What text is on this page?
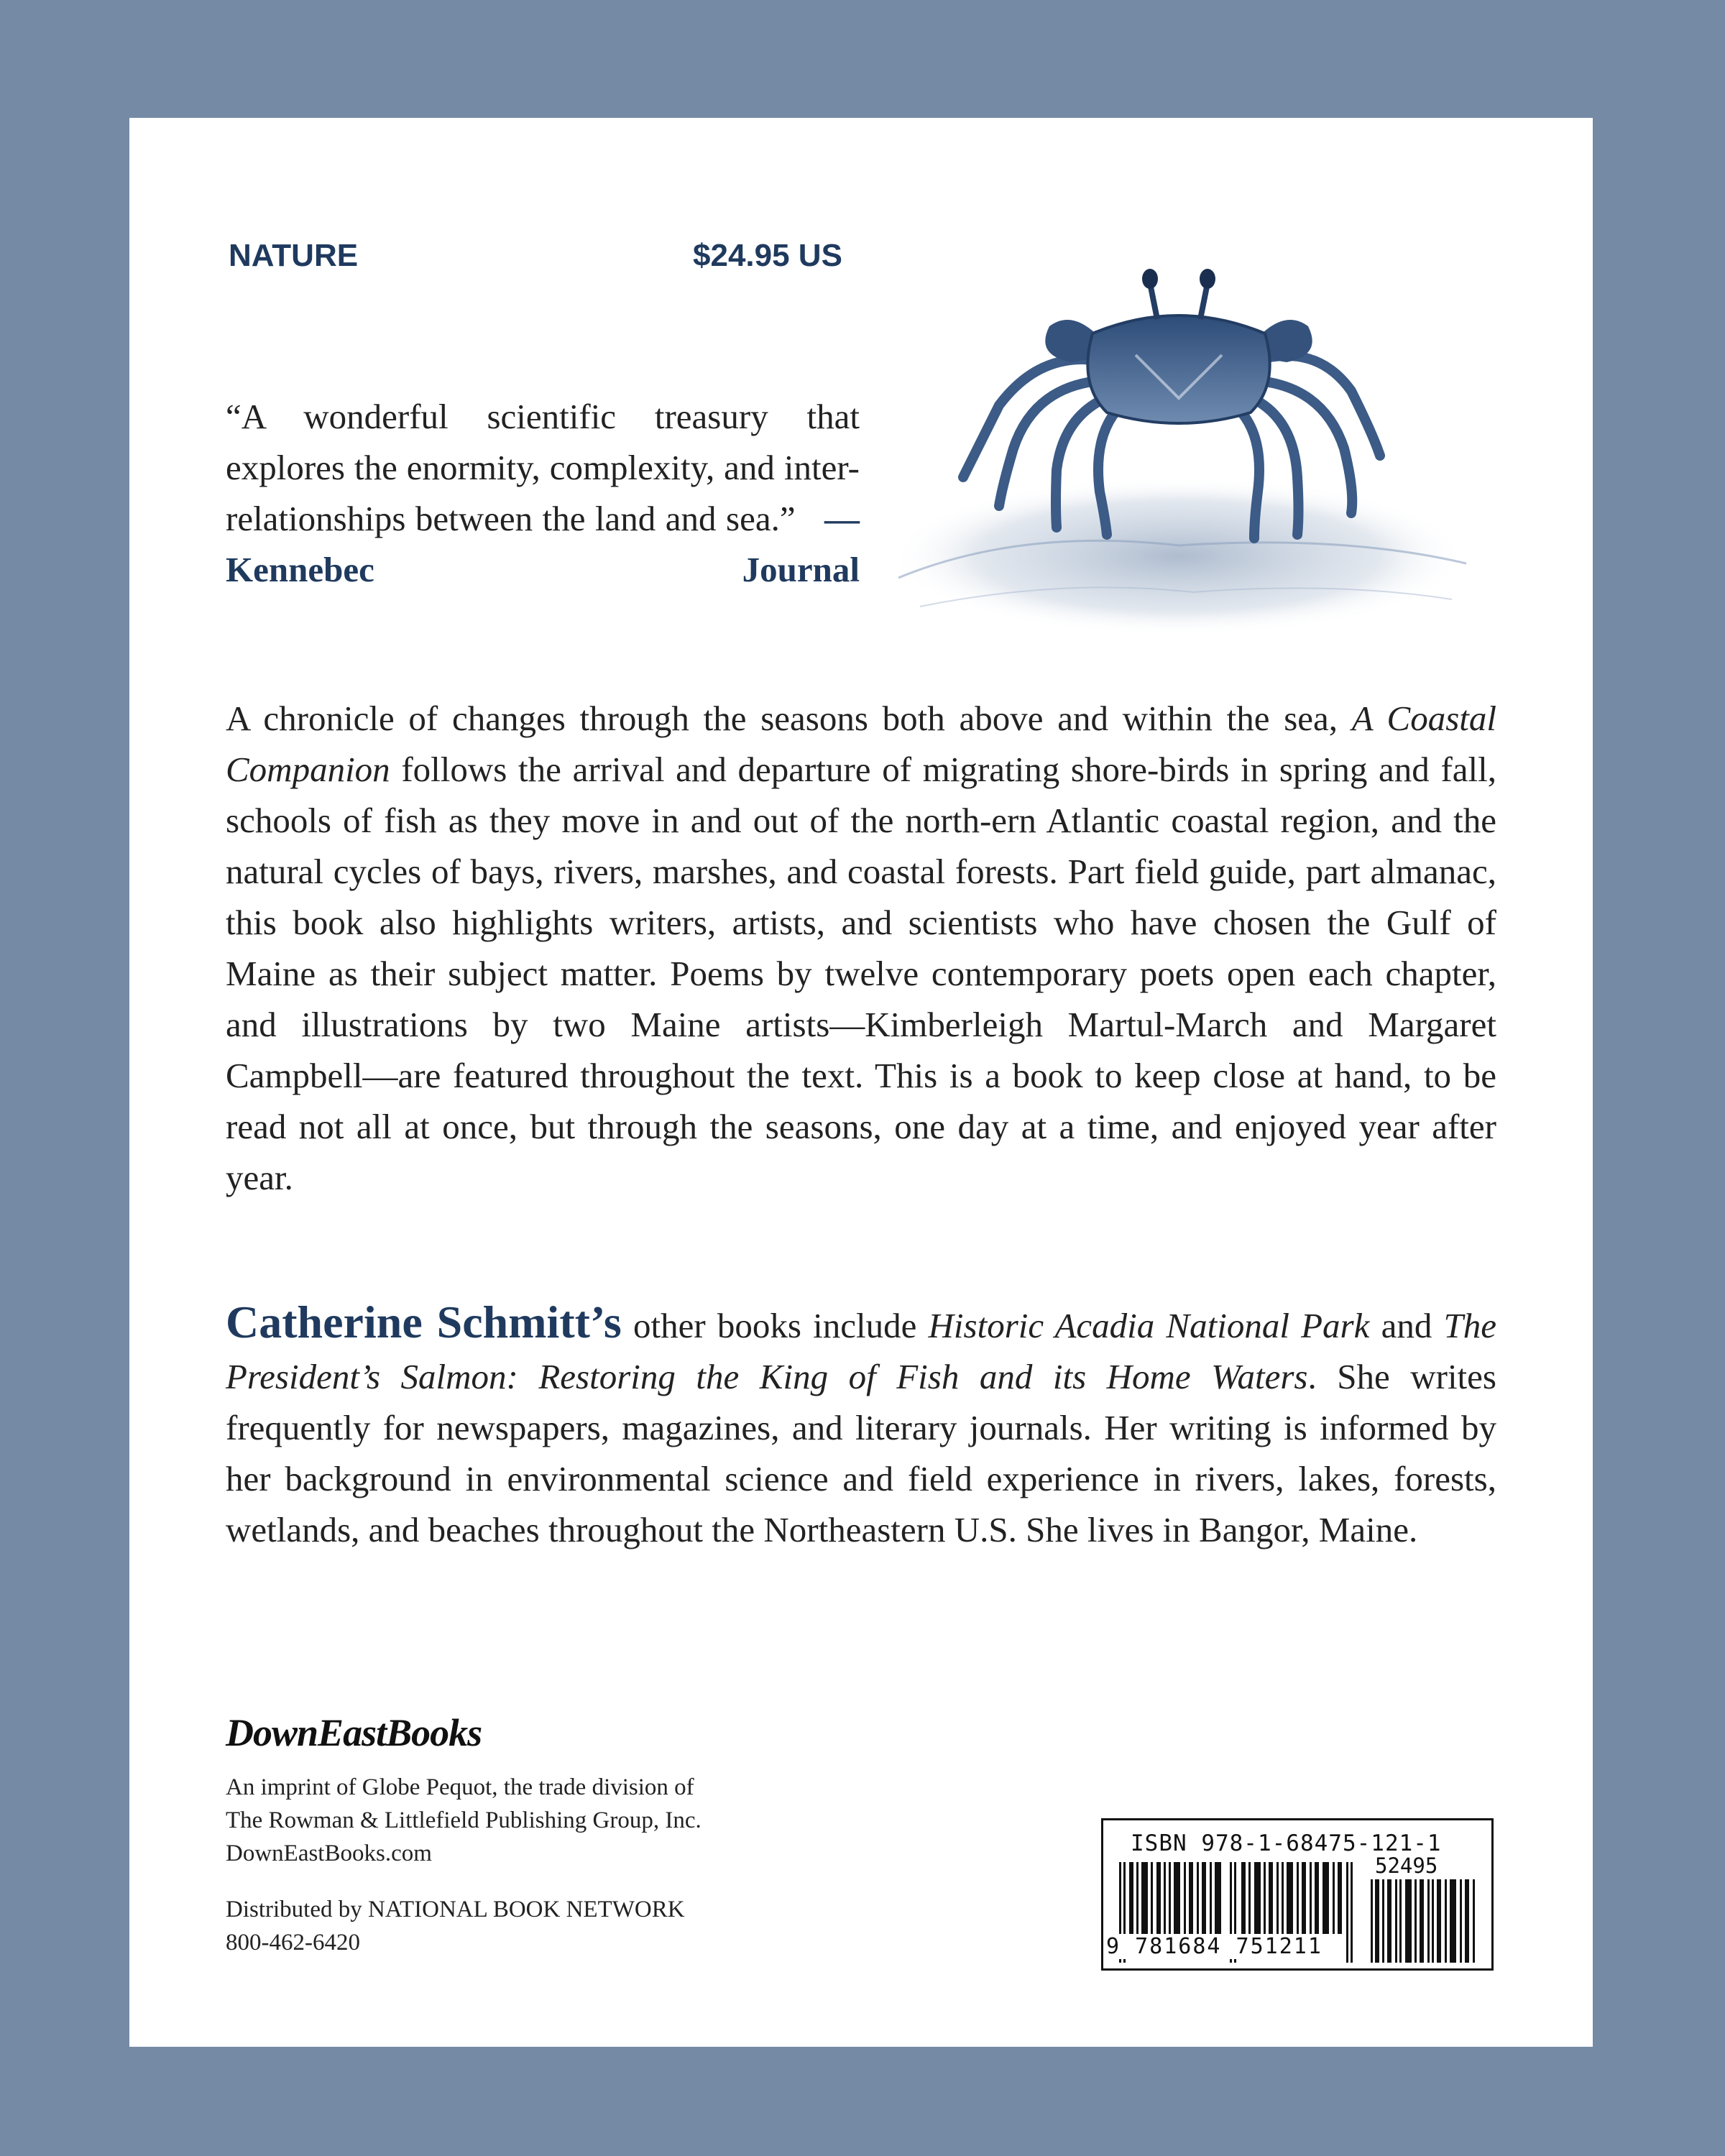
NATURE	$24.95 US
“A wonderful scientific treasury that explores the enormity, complexity, and inter-relationships between the land and sea.” —Kennebec Journal
A chronicle of changes through the seasons both above and within the sea, A Coastal Companion follows the arrival and departure of migrating shore-birds in spring and fall, schools of fish as they move in and out of the north-ern Atlantic coastal region, and the natural cycles of bays, rivers, marshes, and coastal forests. Part field guide, part almanac, this book also highlights writers, artists, and scientists who have chosen the Gulf of Maine as their subject matter. Poems by twelve contemporary poets open each chapter, and illustrations by two Maine artists—Kimberleigh Martul-March and Margaret Campbell—are featured throughout the text. This is a book to keep close at hand, to be read not all at once, but through the seasons, one day at a time, and enjoyed year after year.
Catherine Schmitt’s other books include Historic Acadia National Park and The President’s Salmon: Restoring the King of Fish and its Home Waters. She writes frequently for newspapers, magazines, and literary journals. Her writing is informed by her background in environmental science and field experience in rivers, lakes, forests, wetlands, and beaches throughout the Northeastern U.S. She lives in Bangor, Maine.
DownEastBooks
An imprint of Globe Pequot, the trade division of
The Rowman & Littlefield Publishing Group, Inc.
DownEastBooks.com
Distributed by NATIONAL BOOK NETWORK
800-462-6420
ISBN 978-1-68475-121-1
52495
9 781684 751211
